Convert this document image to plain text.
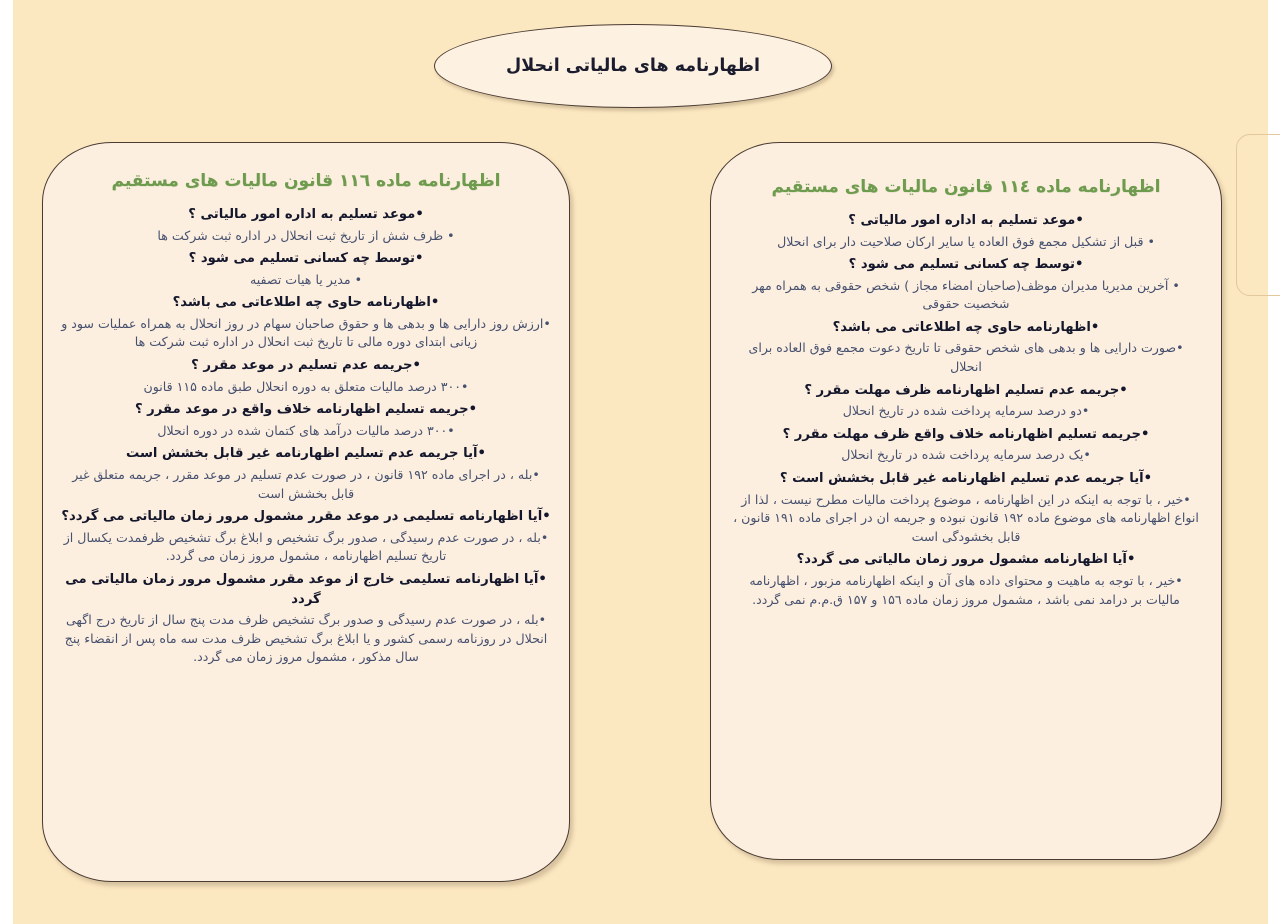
اظهارنامه های مالیاتی انحلال
اظهارنامه ماده ۱۱٦ قانون مالیات های مستقیم
•موعد تسلیم به اداره امور مالیاتی ؟
• ظرف شش از تاریخ ثبت انحلال در اداره ثبت شرکت ها
•توسط چه کسانی تسلیم می شود ؟
• مدیر یا هیات تصفیه
•اظهارنامه حاوی چه اطلاعاتی می باشد؟
•ارزش روز دارایی ها و بدهی ها و حقوق صاحبان سهام در روز انحلال به همراه عملیات سود و زیانی ابتدای دوره مالی تا تاریخ ثبت انحلال در اداره ثبت شرکت ها
•جریمه عدم تسلیم در موعد مقرر ؟
•۳۰۰ درصد مالیات متعلق به دوره انحلال طبق ماده ۱۱۵ قانون
•جریمه تسلیم اظهارنامه خلاف واقع در موعد مقرر ؟
•۳۰۰ درصد مالیات درآمد های کتمان شده در دوره انحلال
•آیا جریمه عدم تسلیم اظهارنامه غیر قابل بخشش است
•بله ، در اجرای ماده ۱۹۲ قانون ، در صورت عدم تسلیم در موعد مقرر ، جریمه متعلق غیر قابل بخشش است
•آیا اظهارنامه تسلیمی در موعد مقرر مشمول مرور زمان مالیاتی می گردد؟
•بله ، در صورت عدم رسیدگی ، صدور برگ تشخیص و ابلاغ برگ تشخیص ظرفمدت یکسال از تاریخ تسلیم اظهارنامه ، مشمول مروز زمان می گردد.
•آیا اظهارنامه تسلیمی خارج از موعد مقرر مشمول مرور زمان مالیاتی می گردد
•بله ، در صورت عدم رسیدگی و صدور برگ تشخیص ظرف مدت پنج سال از تاریخ درج اگهی انحلال در روزنامه رسمی کشور و یا ابلاغ برگ تشخیص ظرف مدت سه ماه پس از انقضاء پنج سال مذکور ، مشمول مروز زمان می گردد.
اظهارنامه ماده ۱۱٤ قانون مالیات های مستقیم
•موعد تسلیم به اداره امور مالیاتی ؟
• قبل از تشکیل مجمع فوق العاده یا سایر ارکان صلاحیت دار برای انحلال
•توسط چه کسانی تسلیم می شود ؟
• آخرین مدیریا مدیران موظف(صاحبان امضاء مجاز ) شخص حقوقی به همراه مهر شخصیت حقوقی
•اظهارنامه حاوی چه اطلاعاتی می باشد؟
•صورت دارایی ها و بدهی های شخص حقوقی تا تاریخ دعوت مجمع فوق العاده برای انحلال
•جریمه عدم تسلیم اظهارنامه ظرف مهلت مقرر ؟
•دو درصد سرمایه پرداخت شده در تاریخ انحلال
•جریمه تسلیم اظهارنامه خلاف واقع ظرف مهلت مقرر ؟
•یک درصد سرمایه پرداخت شده در تاریخ انحلال
•آیا جریمه عدم تسلیم اظهارنامه غیر قابل بخشش است ؟
•خیر ، با توجه به اینکه در این اظهارنامه ، موضوع پرداخت مالیات مطرح نیست ، لذا از انواع اظهارنامه های موضوع ماده ۱۹۲ قانون نبوده و جریمه ان در اجرای ماده ۱۹۱ قانون ، قابل بخشودگی است
•آیا اظهارنامه مشمول مرور زمان مالیاتی می گردد؟
•خیر ، با توجه به ماهیت و محتوای داده های آن و اینکه اظهارنامه مزبور ، اظهارنامه مالیات بر درامد نمی باشد ، مشمول مروز زمان ماده ۱۵٦ و ۱۵۷ ق.م.م نمی گردد.
